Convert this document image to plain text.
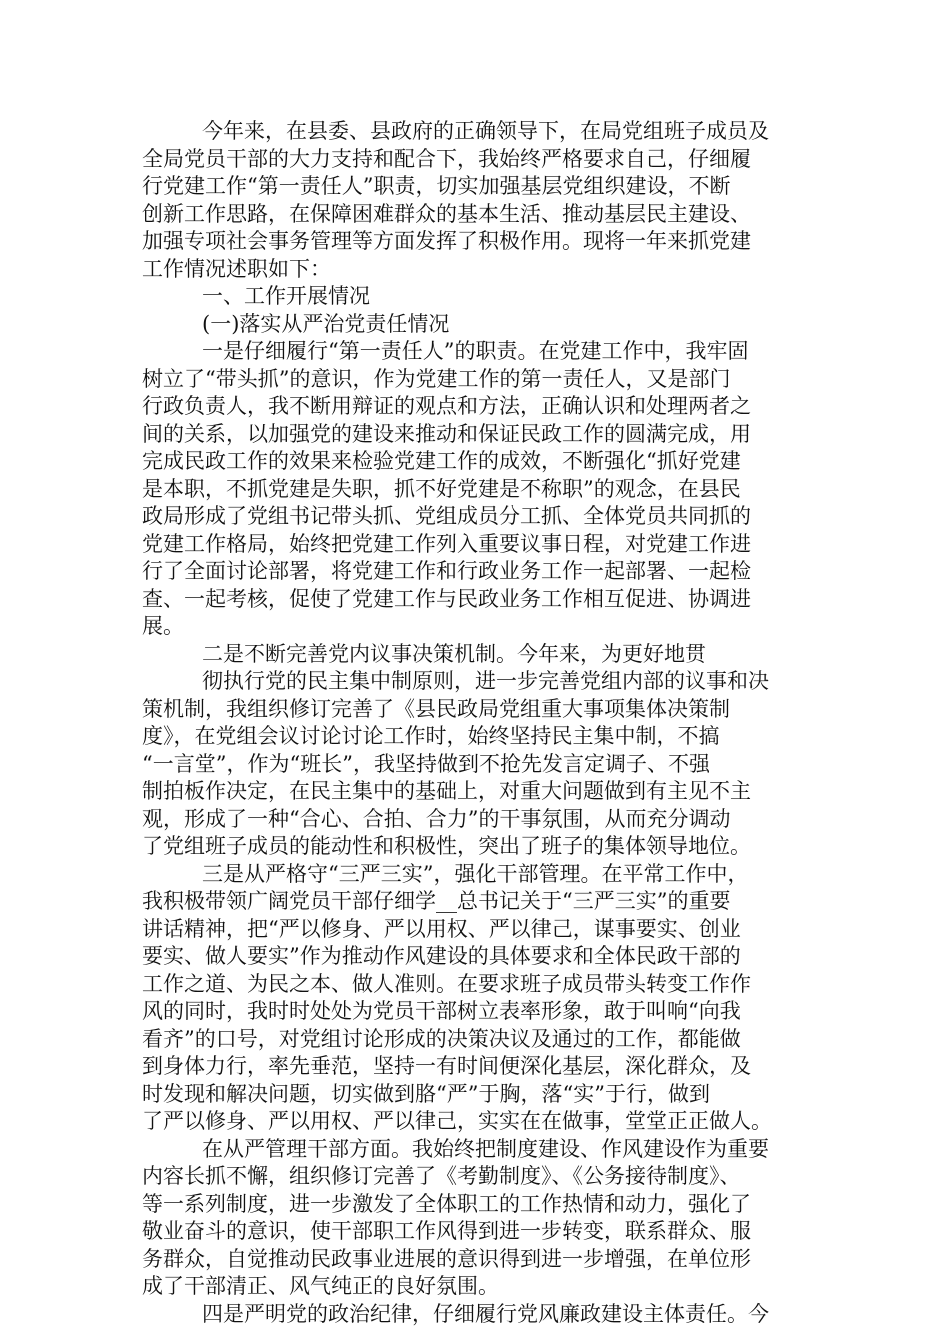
今年来，在县委、县政府的正确领导下，在局党组班子成员及
全局党员干部的大力支持和配合下，我始终严格要求自己，仔细履
行党建工作“第一责任人”职责，切实加强基层党组织建设，不断
创新工作思路，在保障困难群众的基本生活、推动基层民主建设、
加强专项社会事务管理等方面发挥了积极作用。现将一年来抓党建
工作情况述职如下：
一、工作开展情况
(一)落实从严治党责任情况
一是仔细履行“第一责任人”的职责。在党建工作中，我牢固
树立了“带头抓”的意识，作为党建工作的第一责任人，又是部门
行政负责人，我不断用辩证的观点和方法，正确认识和处理两者之
间的关系，以加强党的建设来推动和保证民政工作的圆满完成，用
完成民政工作的效果来检验党建工作的成效，不断强化“抓好党建
是本职，不抓党建是失职，抓不好党建是不称职”的观念，在县民
政局形成了党组书记带头抓、党组成员分工抓、全体党员共同抓的
党建工作格局，始终把党建工作列入重要议事日程，对党建工作进
行了全面讨论部署，将党建工作和行政业务工作一起部署、一起检
查、一起考核，促使了党建工作与民政业务工作相互促进、协调进
展。
二是不断完善党内议事决策机制。今年来，为更好地贯
彻执行党的民主集中制原则，进一步完善党组内部的议事和决
策机制，我组织修订完善了《县民政局党组重大事项集体决策制
度》，在党组会议讨论讨论工作时，始终坚持民主集中制，不搞
“一言堂”，作为“班长”，我坚持做到不抢先发言定调子、不强
制拍板作决定，在民主集中的基础上，对重大问题做到有主见不主
观，形成了一种“合心、合拍、合力”的干事氛围，从而充分调动
了党组班子成员的能动性和积极性，突出了班子的集体领导地位。
三是从严格守“三严三实”，强化干部管理。在平常工作中，
我积极带领广阔党员干部仔细学__总书记关于“三严三实”的重要
讲话精神，把“严以修身、严以用权、严以律己，谋事要实、创业
要实、做人要实”作为推动作风建设的具体要求和全体民政干部的
工作之道、为民之本、做人准则。在要求班子成员带头转变工作作
风的同时，我时时处处为党员干部树立表率形象，敢于叫响“向我
看齐”的口号，对党组讨论形成的决策决议及通过的工作，都能做
到身体力行，率先垂范，坚持一有时间便深化基层，深化群众，及
时发现和解决问题，切实做到胳“严”于胸，落“实”于行，做到
了严以修身、严以用权、严以律己，实实在在做事，堂堂正正做人。
在从严管理干部方面。我始终把制度建设、作风建设作为重要
内容长抓不懈，组织修订完善了《考勤制度》、《公务接待制度》、
等一系列制度，进一步激发了全体职工的工作热情和动力，强化了
敬业奋斗的意识，使干部职工作风得到进一步转变，联系群众、服
务群众，自觉推动民政事业进展的意识得到进一步增强，在单位形
成了干部清正、风气纯正的良好氛围。
四是严明党的政治纪律，仔细履行党风廉政建设主体责任。今
